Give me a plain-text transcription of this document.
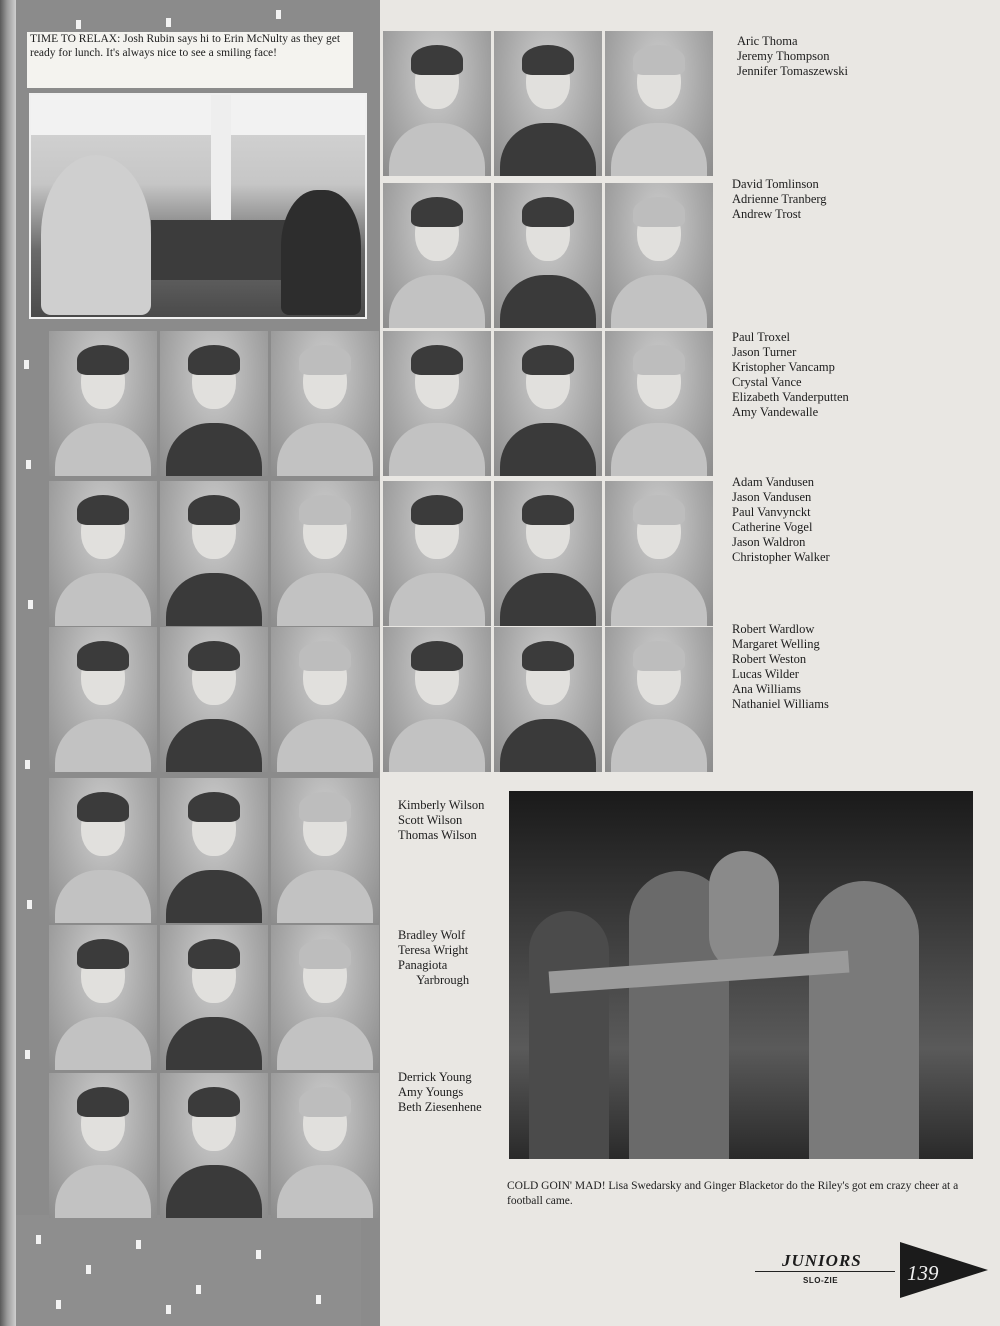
TIME TO RELAX: Josh Rubin says hi to Erin McNulty as they get ready for lunch. It's always nice to see a smiling face!
Aric Thoma
Jeremy Thompson
Jennifer Tomaszewski
David Tomlinson
Adrienne Tranberg
Andrew Trost
Paul Troxel
Jason Turner
Kristopher Vancamp
Crystal Vance
Elizabeth Vanderputten
Amy Vandewalle
Adam Vandusen
Jason Vandusen
Paul Vanvynckt
Catherine Vogel
Jason Waldron
Christopher Walker
Robert Wardlow
Margaret Welling
Robert Weston
Lucas Wilder
Ana Williams
Nathaniel Williams
Kimberly Wilson
Scott Wilson
Thomas Wilson
Bradley Wolf
Teresa Wright
Panagiota
Yarbrough
Derrick Young
Amy Youngs
Beth Ziesenhene
COLD GOIN' MAD! Lisa Swedarsky and Ginger Blacketor do the Riley's got em crazy cheer at a football came.
JUNIORS
SLO-ZIE	139
